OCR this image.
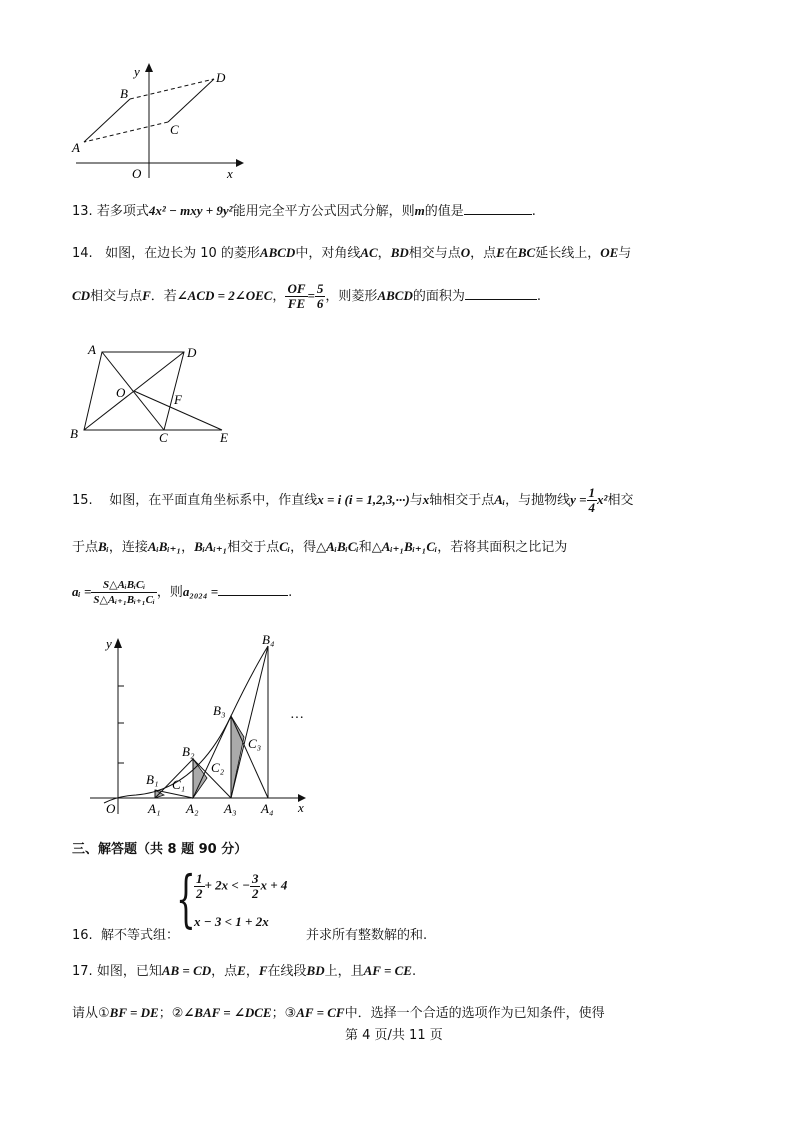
y
x
O
A
B
C
D
13. 若多项式4x² − mxy + 9y²能用完全平方公式因式分解，则m的值是	.
14. 如图，在边长为 10 的菱形ABCD中，对角线AC，BD相交与点O，点E在BC延长线上，OE与
CD相交与点F．若∠ACD = 2∠OEC， $\frac{OF}{FE} = \frac{5}{6}$ ，则菱形ABCD的面积为	.
A	D
O	F
B	C	E
15. 如图，在平面直角坐标系中，作直线x = i (i = 1,2,3,···)与x轴相交于点Aᵢ，与抛物线$y = \frac{1}{4} x^2$相交
于点Bᵢ，连接AᵢBᵢ₊₁，BᵢAᵢ₊₁相交于点Cᵢ，得△AᵢBᵢCᵢ和△Aᵢ₊₁Bᵢ₊₁Cᵢ，若将其面积之比记为
aᵢ = $\frac{\text{S△AᵢBᵢCᵢ}}{\text{S△Aᵢ₊₁Bᵢ₊₁Cᵢ}}$ ，则a₂₀₂₄ =	.
y
x
O	A₁ A₂ A₃ A₄
B₁
B₂
B₃
B₄
C₁
C₂
C₃
···
三、解答题（共 8 题 90 分）
16. 解不等式组：
{
$\frac{1}{2} + 2x$ < − $\frac{3}{2}$ x + 4
x − 3 < 1 + 2x
并求所有整数解的和.
17. 如图，已知AB = CD，点E，F在线段BD上，且AF = CE.
请从①BF = DE；②∠BAF = ∠DCE；③AF = CF中．选择一个合适的选项作为已知条件，使得
第 4 页/共 11 页
